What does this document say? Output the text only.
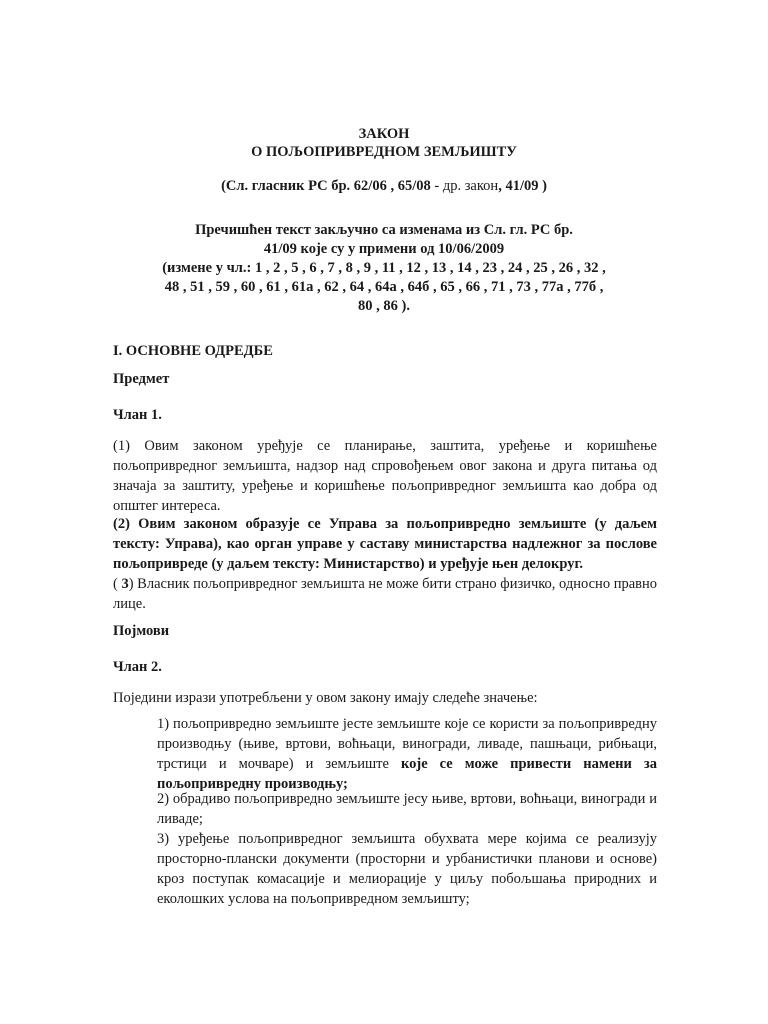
ЗАКОН
О ПОЉОПРИВРЕДНОМ ЗЕМЉИШТУ
(Сл. гласник РС бр. 62/06 , 65/08 - др. закон, 41/09 )
Пречишћен текст закључно са изменама из Сл. гл. РС бр.
41/09 које су у примени од 10/06/2009
(измене у чл.: 1 , 2 , 5 , 6 , 7 , 8 , 9 , 11 , 12 , 13 , 14 , 23 , 24 , 25 , 26 , 32 ,
48 , 51 , 59 , 60 , 61 , 61а , 62 , 64 , 64а , 64б , 65 , 66 , 71 , 73 , 77а , 77б ,
80 , 86 ).
I. ОСНОВНЕ ОДРЕДБЕ
Предмет
Члан 1.

(1) Овим законом уређује се планирање, заштита, уређење и коришћење пољопривредног земљишта, надзор над спровођењем овог закона и друга питања од значаја за заштиту, уређење и коришћење пољопривредног земљишта као добра од општег интереса.

(2) Овим законом образује се Управа за пољопривредно земљиште (у даљем тексту: Управа), као орган управе у саставу министарства надлежног за послове пољопривреде (у даљем тексту: Министарство) и уређује њен делокруг.

( 3) Власник пољопривредног земљишта не може бити страно физичко, односно правно лице.

Појмови
Члан 2.

Поједини изрази употребљени у овом закону имају следеће значење:

1) пољопривредно земљиште јесте земљиште које се користи за пољопривредну производњу (њиве, вртови, воћњаци, виногради, ливаде, пашњаци, рибњаци, трстици и мочваре) и земљиште које се може привести намени за пољопривредну производњу;

2) обрадиво пољопривредно земљиште јесу њиве, вртови, воћњаци, виногради и ливаде;

3) уређење пољопривредног земљишта обухвата мере којима се реализују просторно-плански документи (просторни и урбанистички планови и основе) кроз поступак комасације и мелиорације у циљу побољшања природних и еколошких услова на пољопривредном земљишту;
